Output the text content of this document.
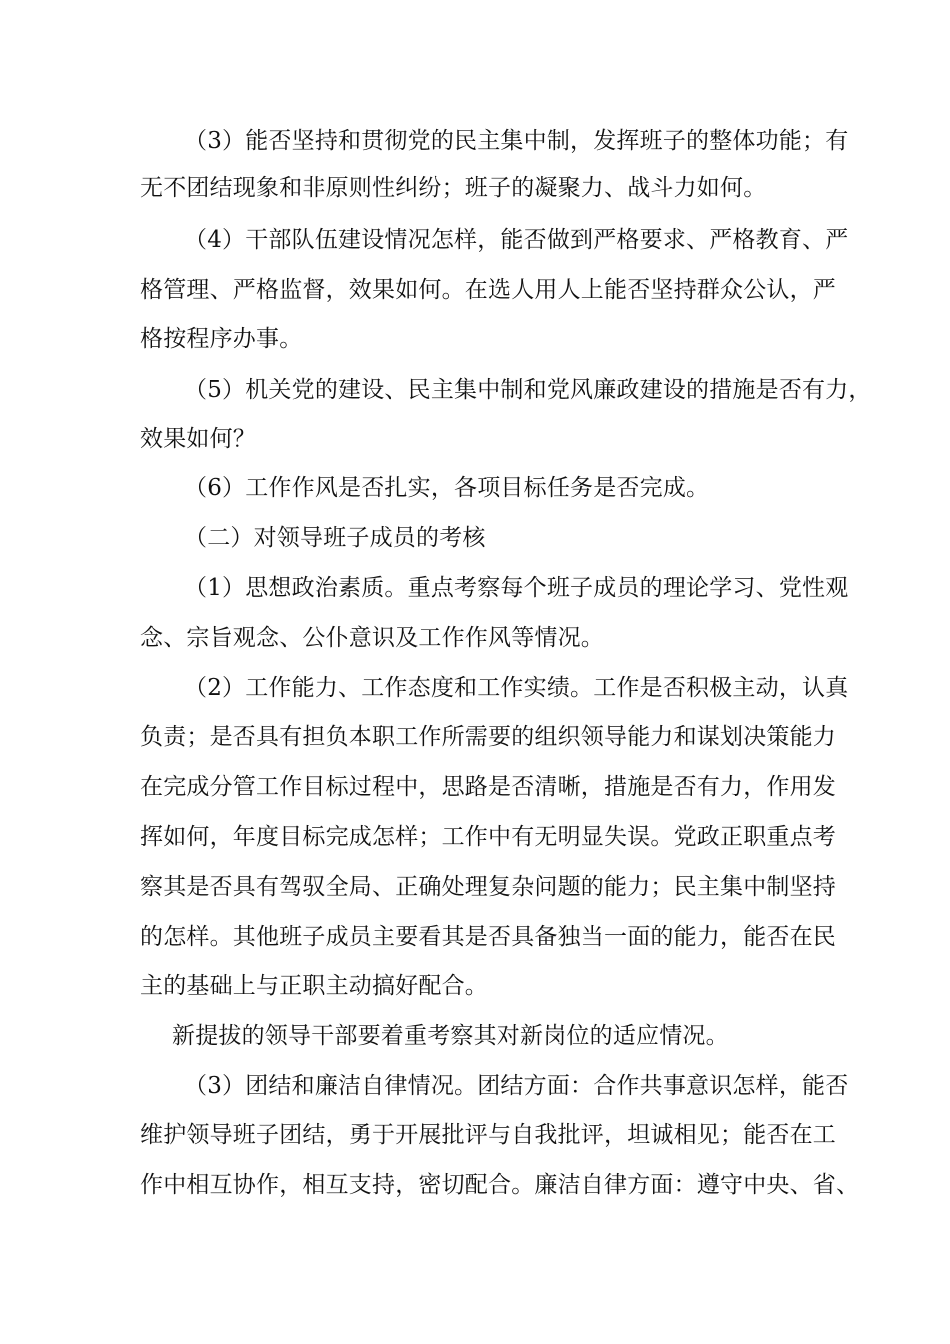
（3）能否坚持和贯彻党的民主集中制，发挥班子的整体功能；有
无不团结现象和非原则性纠纷；班子的凝聚力、战斗力如何。
（4）干部队伍建设情况怎样，能否做到严格要求、严格教育、严
格管理、严格监督，效果如何。在选人用人上能否坚持群众公认，严
格按程序办事。
（5）机关党的建设、民主集中制和党风廉政建设的措施是否有力，
效果如何？
（6）工作作风是否扎实，各项目标任务是否完成。
（二）对领导班子成员的考核
（1）思想政治素质。重点考察每个班子成员的理论学习、党性观
念、宗旨观念、公仆意识及工作作风等情况。
（2）工作能力、工作态度和工作实绩。工作是否积极主动，认真
负责；是否具有担负本职工作所需要的组织领导能力和谋划决策能力
在完成分管工作目标过程中，思路是否清晰，措施是否有力，作用发
挥如何，年度目标完成怎样；工作中有无明显失误。党政正职重点考
察其是否具有驾驭全局、正确处理复杂问题的能力；民主集中制坚持
的怎样。其他班子成员主要看其是否具备独当一面的能力，能否在民
主的基础上与正职主动搞好配合。
新提拔的领导干部要着重考察其对新岗位的适应情况。
（3）团结和廉洁自律情况。团结方面：合作共事意识怎样，能否
维护领导班子团结，勇于开展批评与自我批评，坦诚相见；能否在工
作中相互协作，相互支持，密切配合。廉洁自律方面：遵守中央、省、
